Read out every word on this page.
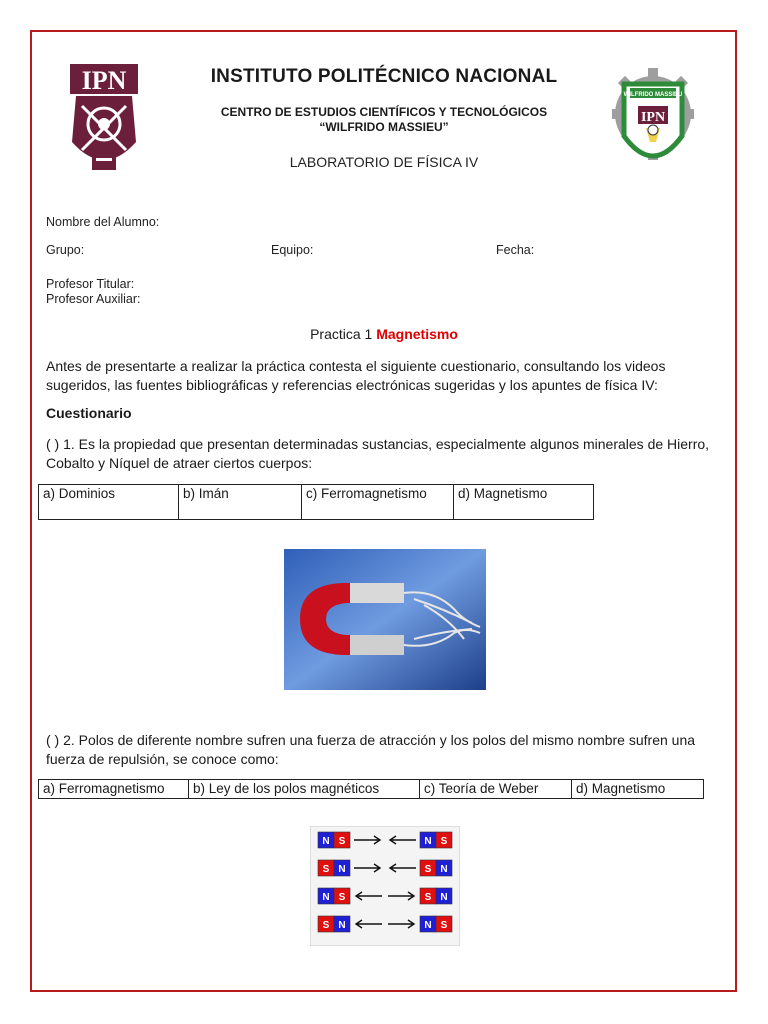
IPN	WILFRIDO MASSIEU
IPN
INSTITUTO POLITÉCNICO NACIONAL
CENTRO DE ESTUDIOS CIENTÍFICOS Y TECNOLÓGICOS
“WILFRIDO MASSIEU”
LABORATORIO DE FÍSICA IV
Nombre del Alumno:
Grupo:	Equipo:	Fecha:
Profesor Titular:
Profesor Auxiliar:
Practica 1 Magnetismo
Antes de presentarte a realizar la práctica contesta el siguiente cuestionario, consultando los videos sugeridos, las fuentes bibliográficas y referencias electrónicas sugeridas y los apuntes de física IV:
Cuestionario
( ) 1. Es la propiedad que presentan determinadas sustancias, especialmente algunos minerales de Hierro, Cobalto y Níquel de atraer ciertos cuerpos:
a) Dominios	b) Imán	c) Ferromagnetismo	d) Magnetismo
( ) 2. Polos de diferente nombre sufren una fuerza de atracción y los polos del mismo nombre sufren una fuerza de repulsión, se conoce como:
a) Ferromagnetismo	b) Ley de los polos magnéticos	c) Teoría de Weber	d) Magnetismo
N S	N S
S N	S N
N S	S N
S N	N S
